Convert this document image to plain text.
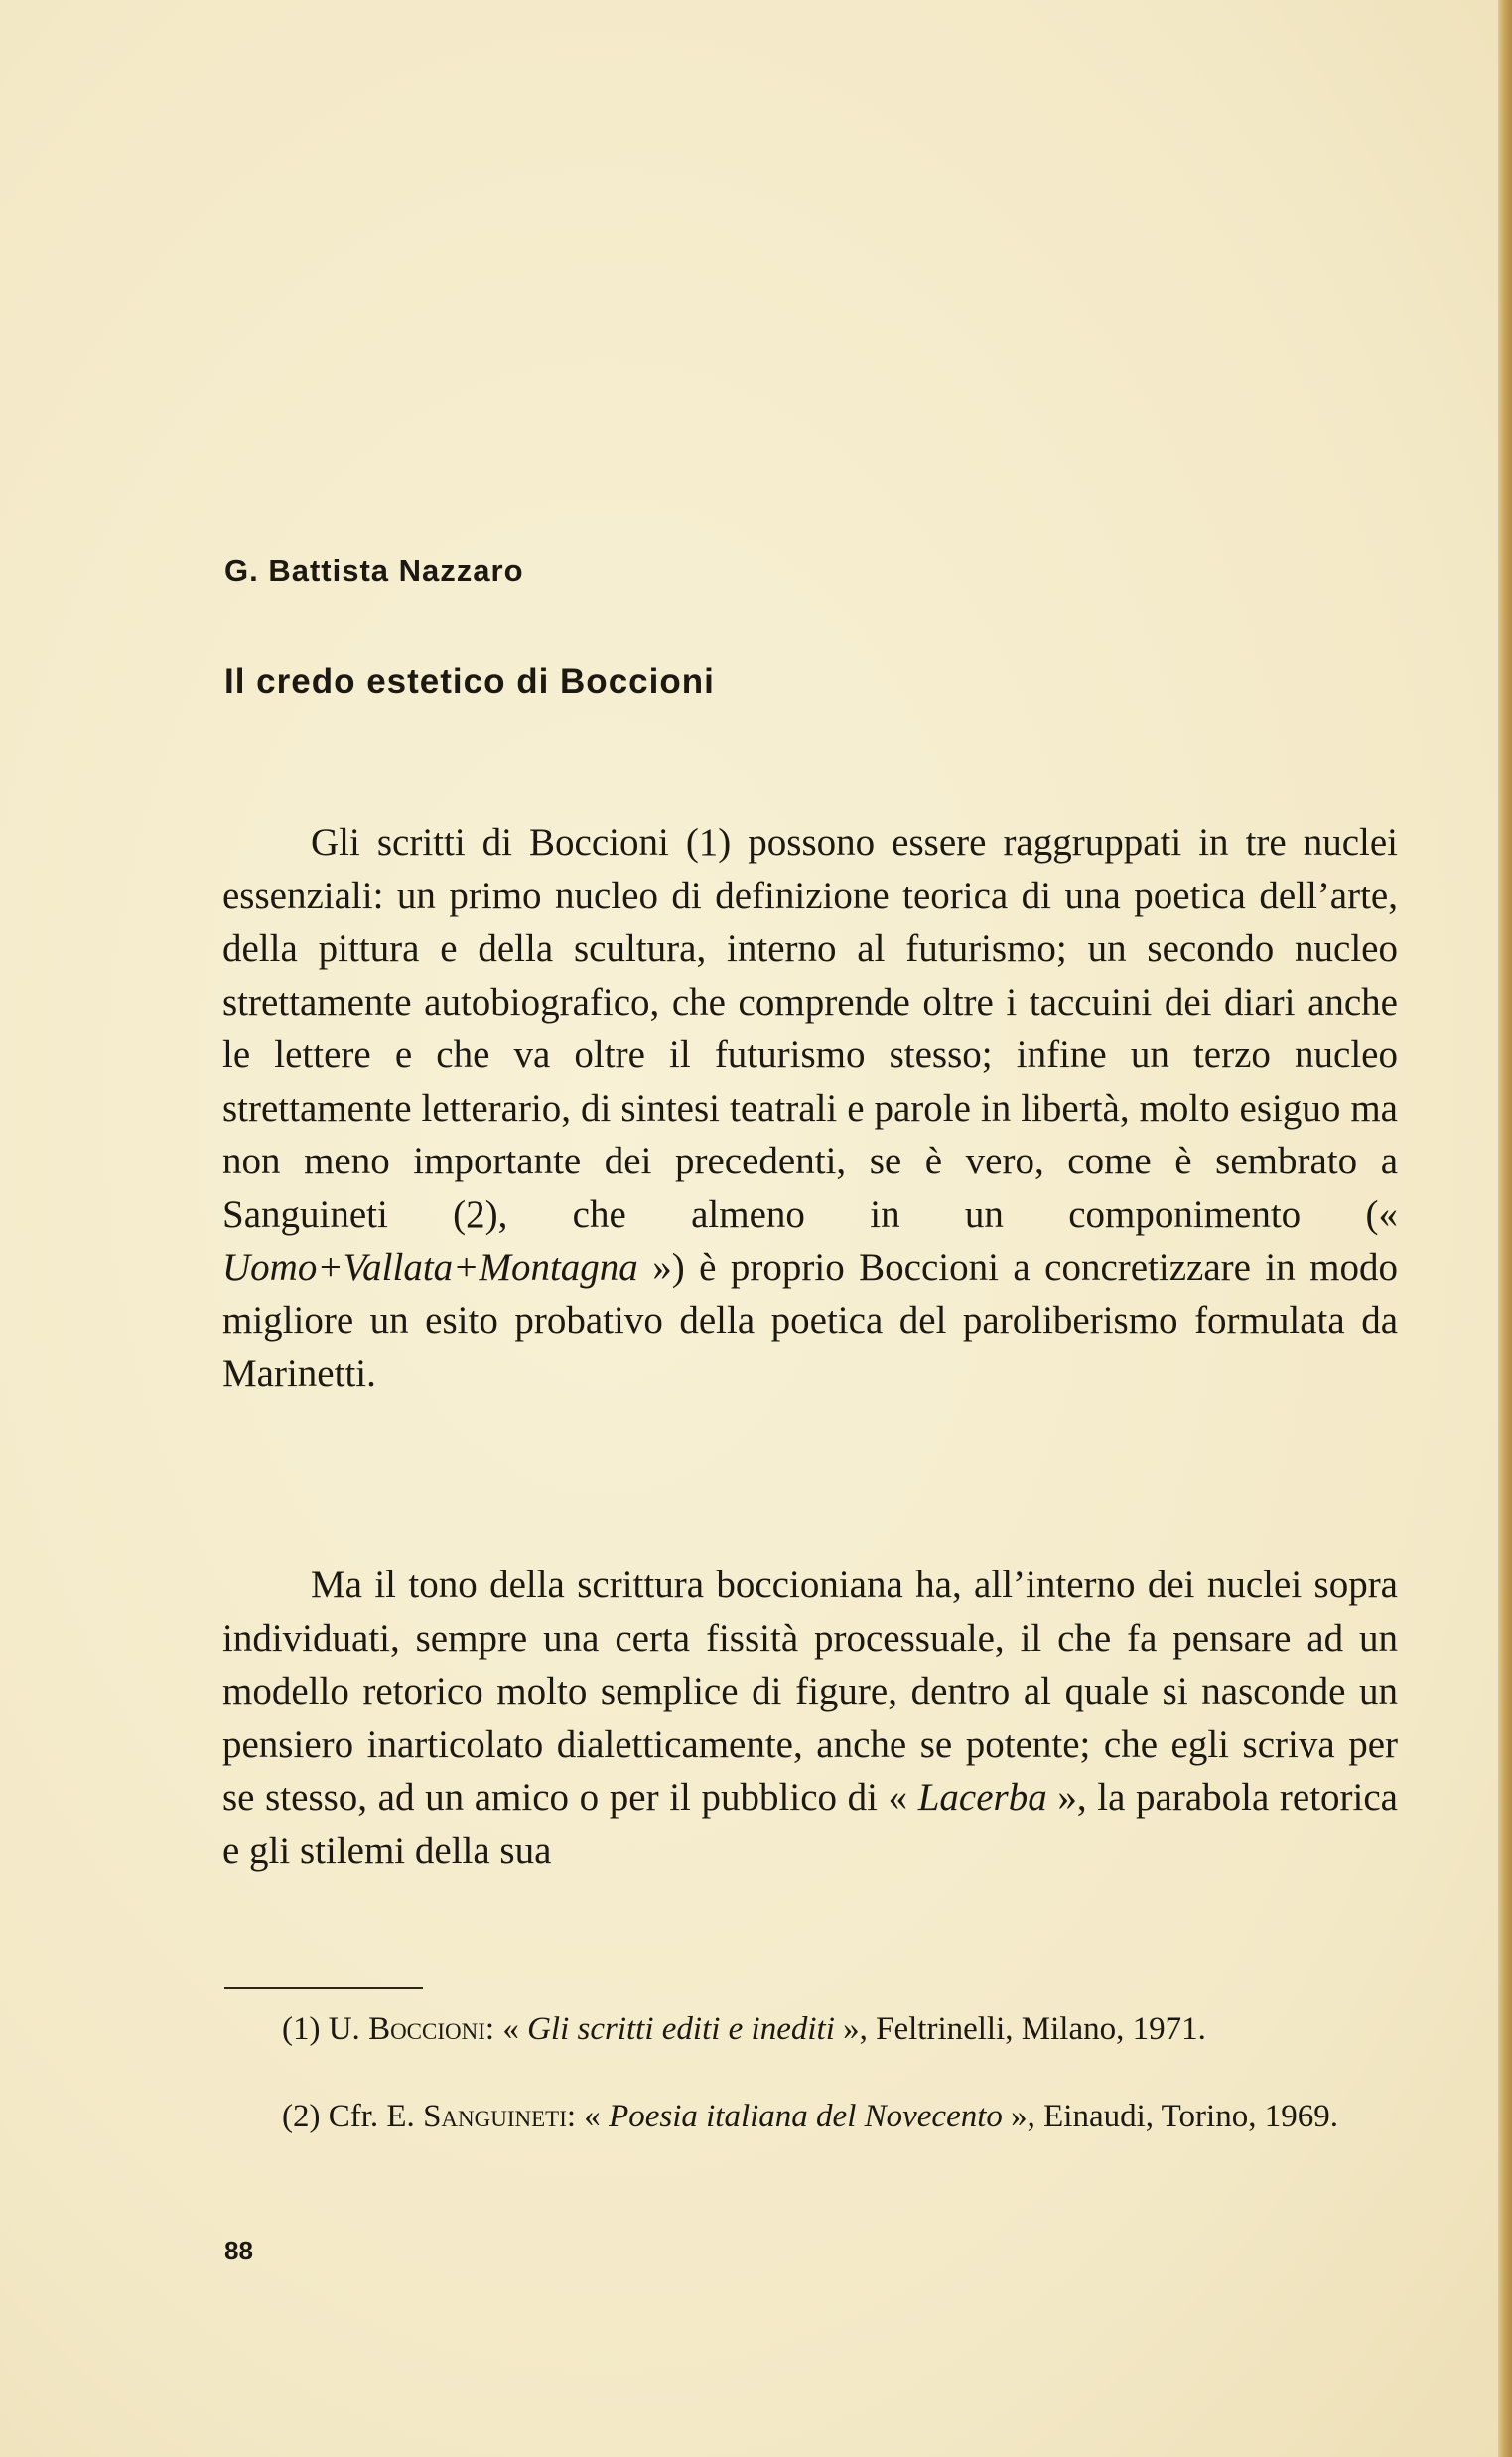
G. Battista Nazzaro

Il credo estetico di Boccioni

Gli scritti di Boccioni (1) possono essere raggruppati in tre nuclei essenziali: un primo nucleo di definizione teorica di una poetica dell’arte, della pittura e della scultura, interno al futurismo; un secondo nucleo strettamente autobiografico, che comprende oltre i taccuini dei diari anche le lettere e che va oltre il futurismo stesso; infine un terzo nucleo strettamente letterario, di sintesi teatrali e parole in libertà, molto esiguo ma non meno importante dei precedenti, se è vero, come è sembrato a Sanguineti (2), che almeno in un componimento (« Uomo+Vallata+Montagna ») è proprio Boccioni a concretizzare in modo migliore un esito probativo della poetica del paroliberismo formulata da Marinetti.

Ma il tono della scrittura boccioniana ha, all’interno dei nuclei sopra individuati, sempre una certa fissità processuale, il che fa pensare ad un modello retorico molto semplice di figure, dentro al quale si nasconde un pensiero inarticolato dialetticamente, anche se potente; che egli scriva per se stesso, ad un amico o per il pubblico di « Lacerba », la parabola retorica e gli stilemi della sua

(1) U. Boccioni: « Gli scritti editi e inediti », Feltrinelli, Milano, 1971.

(2) Cfr. E. Sanguineti: « Poesia italiana del Novecento », Einaudi, Torino, 1969.

88
